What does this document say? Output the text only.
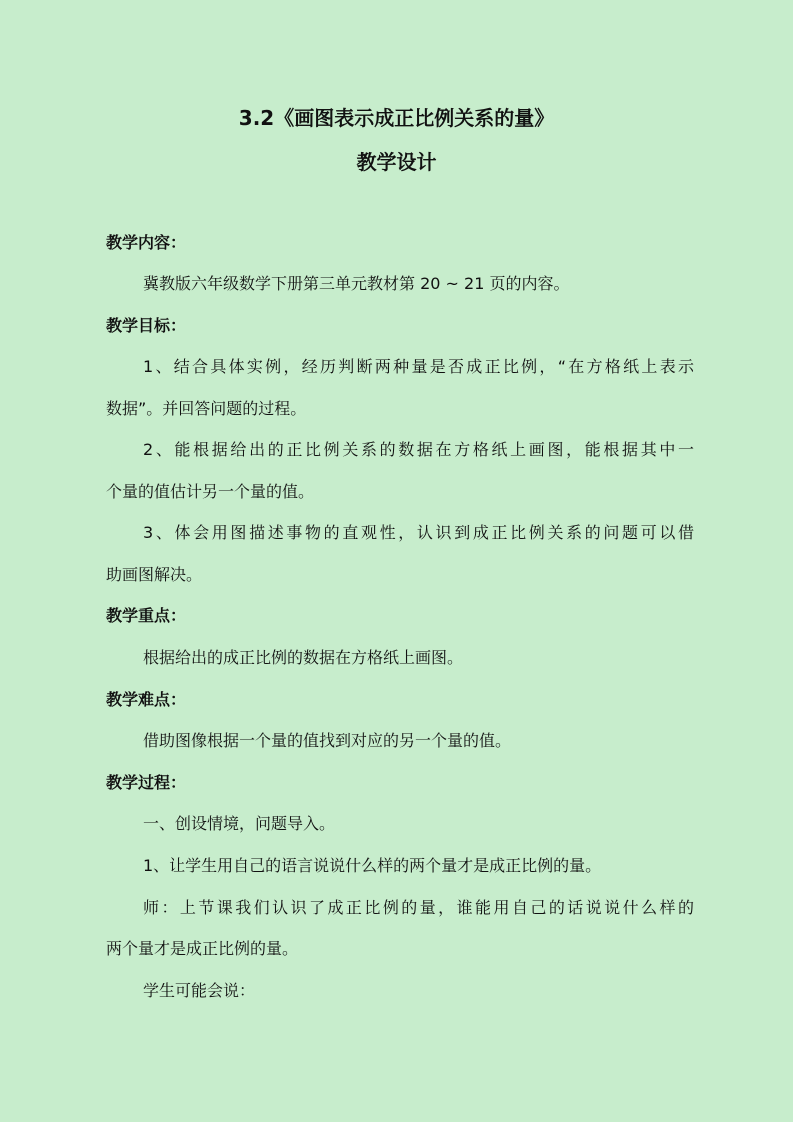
3.2《画图表示成正比例关系的量》
教学设计
教学内容：
冀教版六年级数学下册第三单元教材第 20 ~ 21 页的内容。
教学目标：
1、结合具体实例，经历判断两种量是否成正比例，“在方格纸上表示
数据”。并回答问题的过程。
2、能根据给出的正比例关系的数据在方格纸上画图，能根据其中一
个量的值估计另一个量的值。
3、体会用图描述事物的直观性，认识到成正比例关系的问题可以借
助画图解决。
教学重点：
根据给出的成正比例的数据在方格纸上画图。
教学难点：
借助图像根据一个量的值找到对应的另一个量的值。
教学过程：
一、创设情境，问题导入。
1、让学生用自己的语言说说什么样的两个量才是成正比例的量。
师：上节课我们认识了成正比例的量，谁能用自己的话说说什么样的
两个量才是成正比例的量。
学生可能会说：
